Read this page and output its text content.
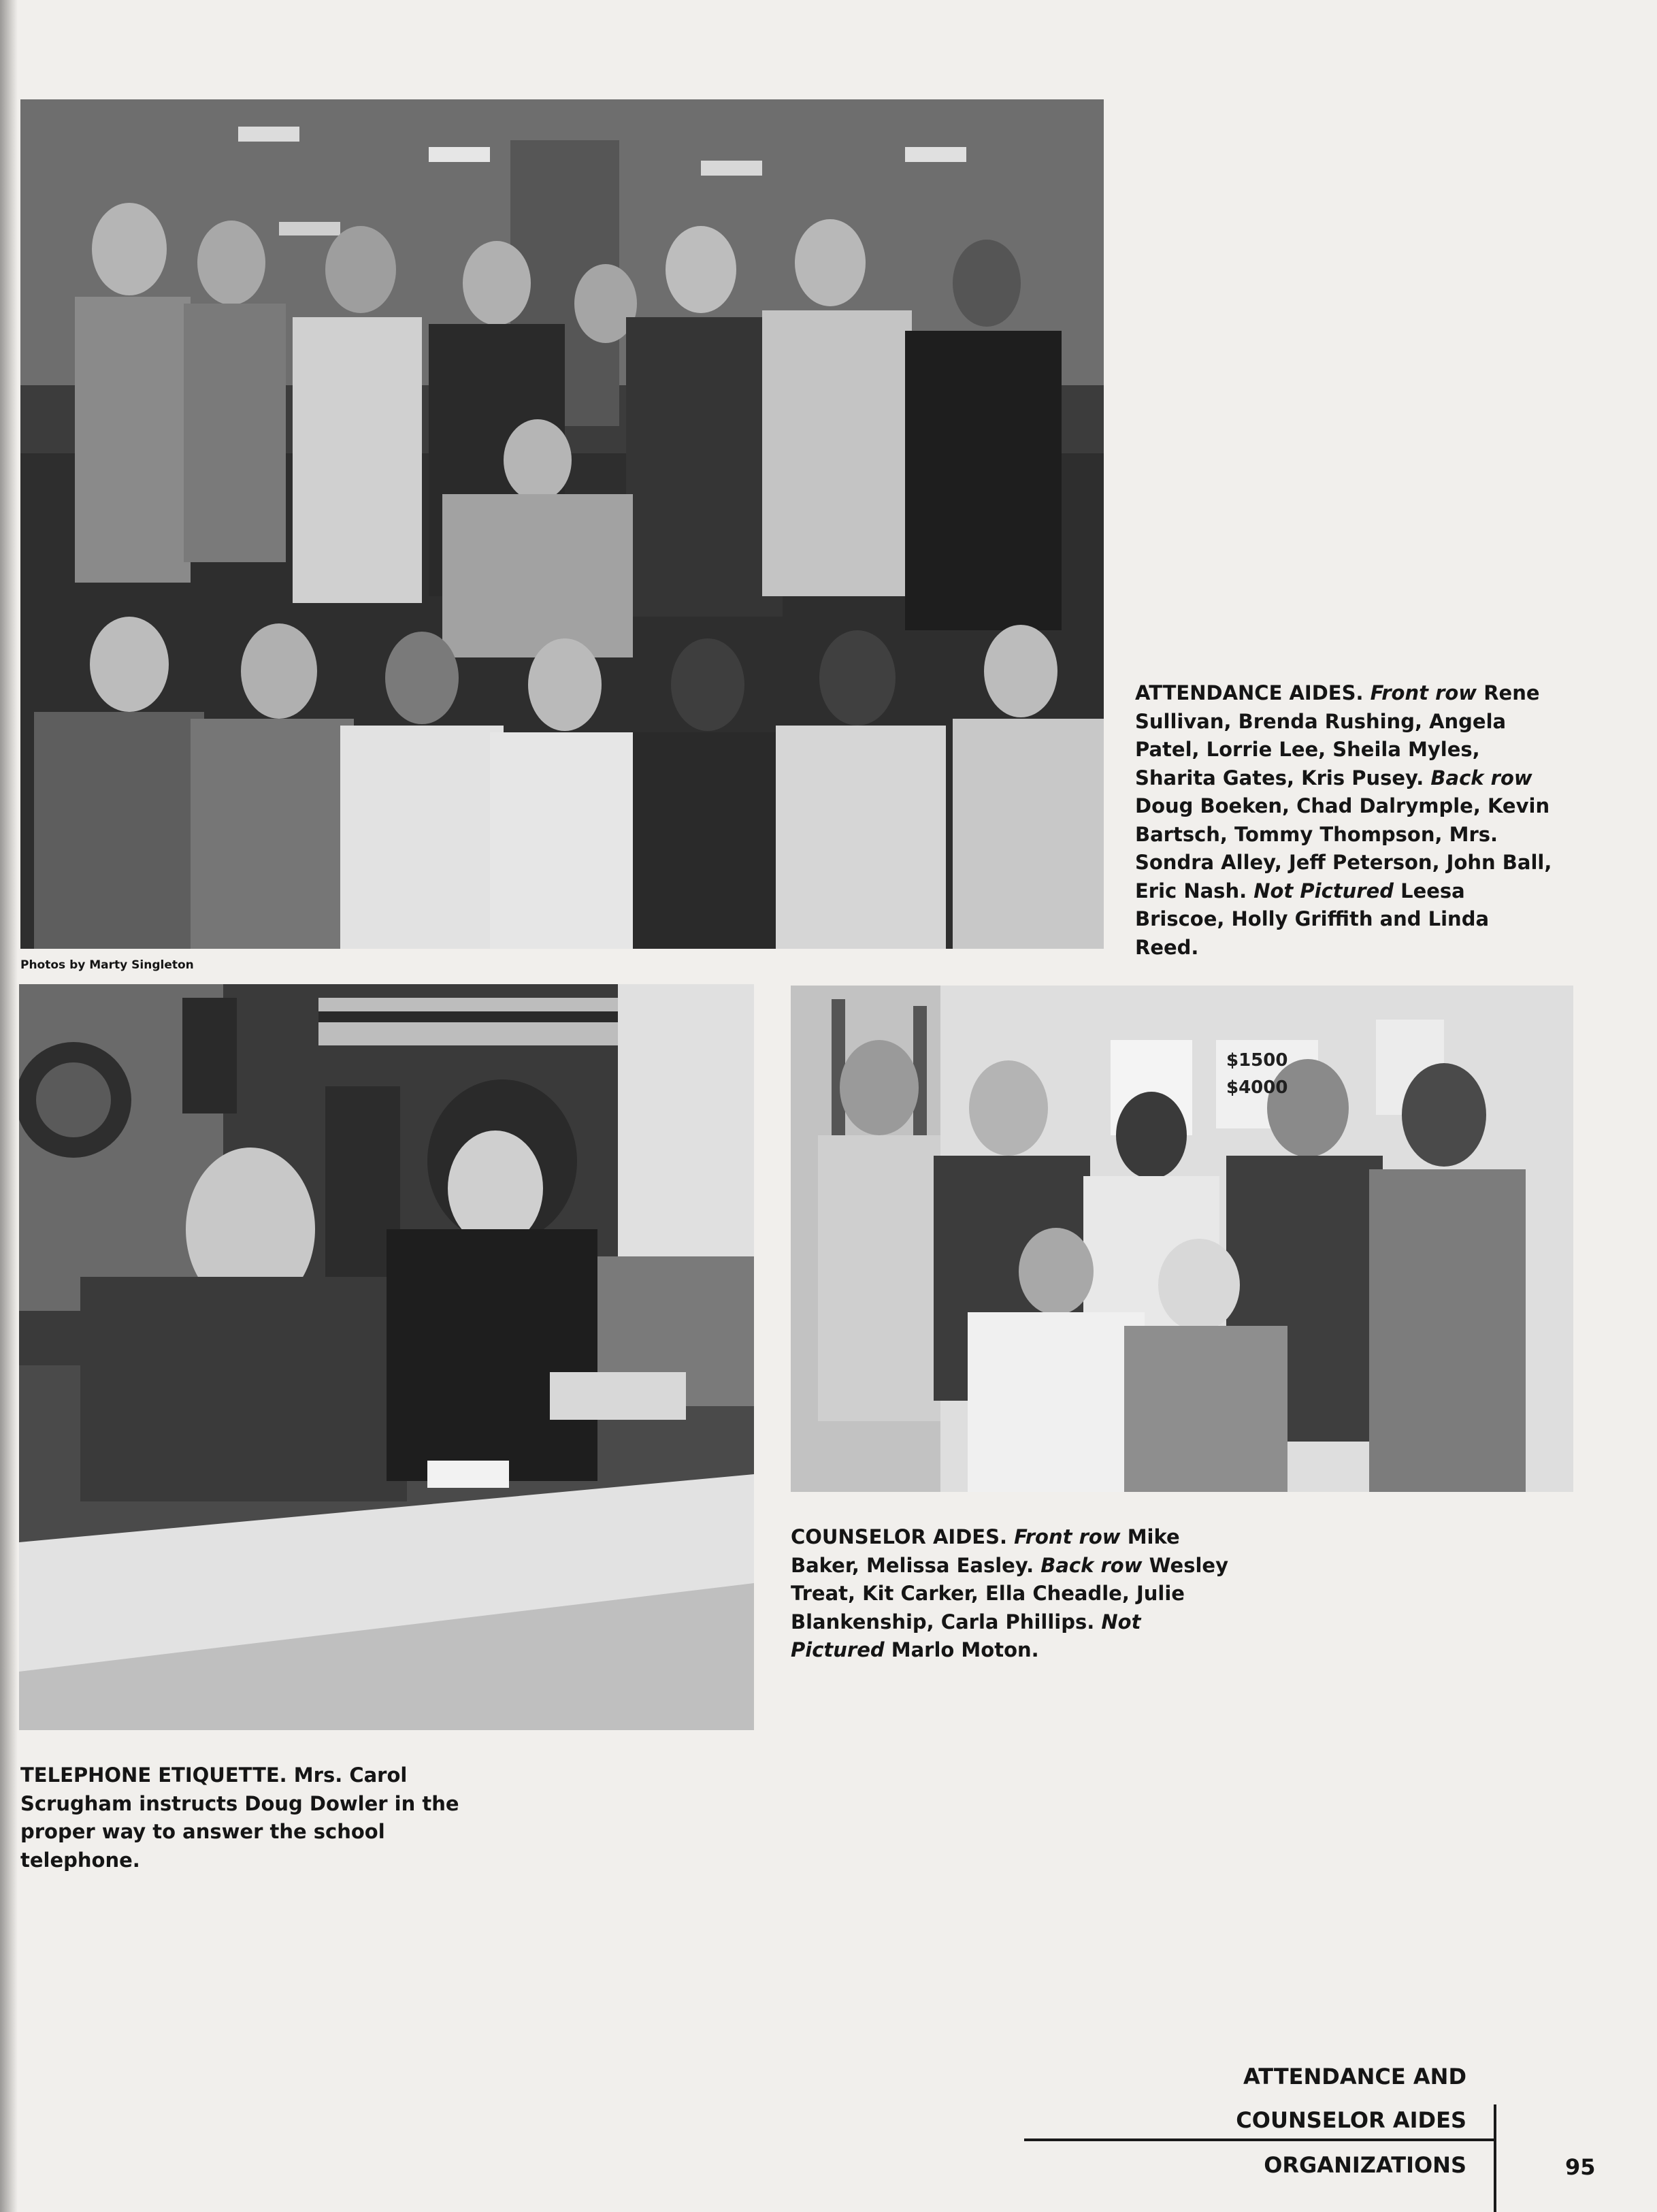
Photos by Marty Singleton

ATTENDANCE AIDES. Front row Rene Sullivan, Brenda Rushing, Angela Patel, Lorrie Lee, Sheila Myles, Sharita Gates, Kris Pusey. Back row Doug Boeken, Chad Dalrymple, Kevin Bartsch, Tommy Thompson, Mrs. Sondra Alley, Jeff Peterson, John Ball, Eric Nash. Not Pictured Leesa Briscoe, Holly Griffith and Linda Reed.

TELEPHONE ETIQUETTE. Mrs. Carol Scrugham instructs Doug Dowler in the proper way to answer the school telephone.

$1500
$4000

COUNSELOR AIDES. Front row Mike Baker, Melissa Easley. Back row Wesley Treat, Kit Carker, Ella Cheadle, Julie Blankenship, Carla Phillips. Not Pictured Marlo Moton.

ATTENDANCE AND

COUNSELOR AIDES

ORGANIZATIONS	95
